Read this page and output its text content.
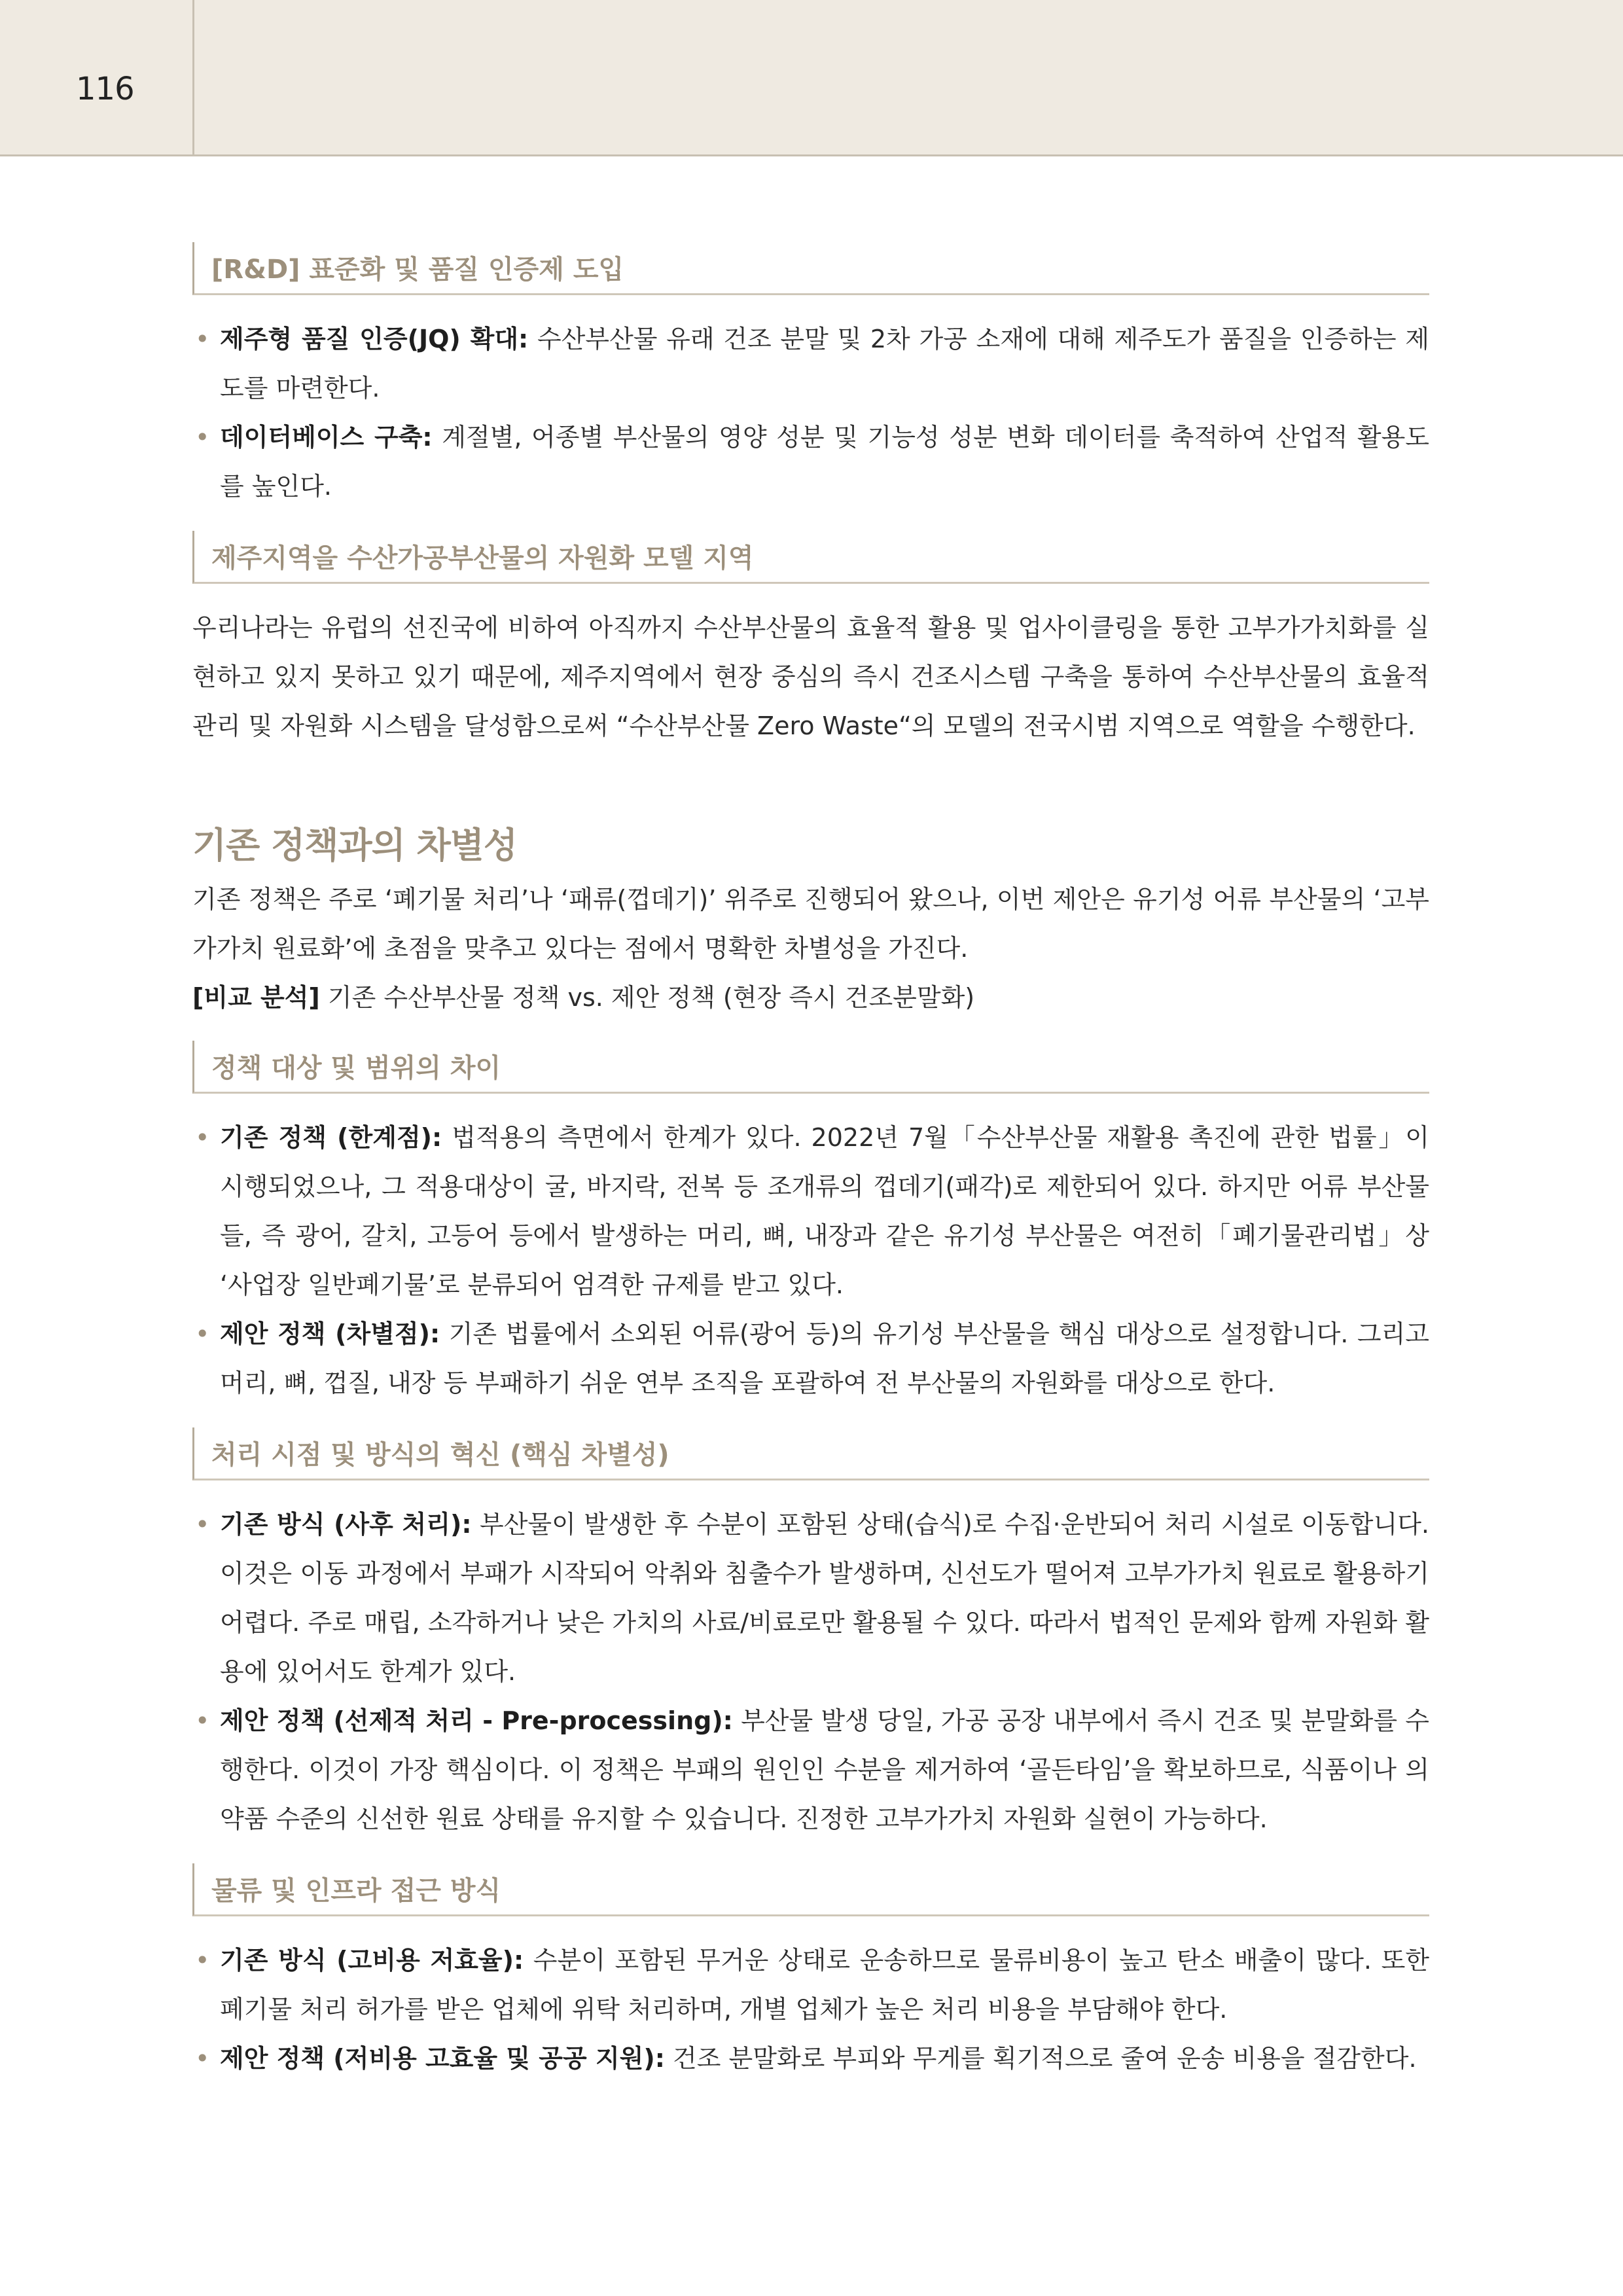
116
[R&D] 표준화 및 품질 인증제 도입
• 제주형 품질 인증(JQ) 확대: 수산부산물 유래 건조 분말 및 2차 가공 소재에 대해 제주도가 품질을 인증하는 제도를 마련한다.
• 데이터베이스 구축: 계절별, 어종별 부산물의 영양 성분 및 기능성 성분 변화 데이터를 축적하여 산업적 활용도를 높인다.
제주지역을 수산가공부산물의 자원화 모델 지역

우리나라는 유럽의 선진국에 비하여 아직까지 수산부산물의 효율적 활용 및 업사이클링을 통한 고부가가치화를 실현하고 있지 못하고 있기 때문에, 제주지역에서 현장 중심의 즉시 건조시스템 구축을 통하여 수산부산물의 효율적 관리 및 자원화 시스템을 달성함으로써 “수산부산물 Zero Waste“의 모델의 전국시범 지역으로 역할을 수행한다.

기존 정책과의 차별성

기존 정책은 주로 ‘폐기물 처리’나 ‘패류(껍데기)’ 위주로 진행되어 왔으나, 이번 제안은 유기성 어류 부산물의 ‘고부가가치 원료화’에 초점을 맞추고 있다는 점에서 명확한 차별성을 가진다.

[비교 분석] 기존 수산부산물 정책 vs. 제안 정책 (현장 즉시 건조분말화)

정책 대상 및 범위의 차이
• 기존 정책 (한계점): 법적용의 측면에서 한계가 있다. 2022년 7월「수산부산물 재활용 촉진에 관한 법률」이 시행되었으나, 그 적용대상이 굴, 바지락, 전복 등 조개류의 껍데기(패각)로 제한되어 있다. 하지만 어류 부산물들, 즉 광어, 갈치, 고등어 등에서 발생하는 머리, 뼈, 내장과 같은 유기성 부산물은 여전히「폐기물관리법」상 ‘사업장 일반폐기물’로 분류되어 엄격한 규제를 받고 있다.
• 제안 정책 (차별점): 기존 법률에서 소외된 어류(광어 등)의 유기성 부산물을 핵심 대상으로 설정합니다. 그리고 머리, 뼈, 껍질, 내장 등 부패하기 쉬운 연부 조직을 포괄하여 전 부산물의 자원화를 대상으로 한다.
처리 시점 및 방식의 혁신 (핵심 차별성)
• 기존 방식 (사후 처리): 부산물이 발생한 후 수분이 포함된 상태(습식)로 수집·운반되어 처리 시설로 이동합니다. 이것은 이동 과정에서 부패가 시작되어 악취와 침출수가 발생하며, 신선도가 떨어져 고부가가치 원료로 활용하기 어렵다. 주로 매립, 소각하거나 낮은 가치의 사료/비료로만 활용될 수 있다. 따라서 법적인 문제와 함께 자원화 활용에 있어서도 한계가 있다.
• 제안 정책 (선제적 처리 - Pre-processing): 부산물 발생 당일, 가공 공장 내부에서 즉시 건조 및 분말화를 수행한다. 이것이 가장 핵심이다. 이 정책은 부패의 원인인 수분을 제거하여 ‘골든타임’을 확보하므로, 식품이나 의약품 수준의 신선한 원료 상태를 유지할 수 있습니다. 진정한 고부가가치 자원화 실현이 가능하다.
물류 및 인프라 접근 방식
• 기존 방식 (고비용 저효율): 수분이 포함된 무거운 상태로 운송하므로 물류비용이 높고 탄소 배출이 많다. 또한 폐기물 처리 허가를 받은 업체에 위탁 처리하며, 개별 업체가 높은 처리 비용을 부담해야 한다.
• 제안 정책 (저비용 고효율 및 공공 지원): 건조 분말화로 부피와 무게를 획기적으로 줄여 운송 비용을 절감한다.
